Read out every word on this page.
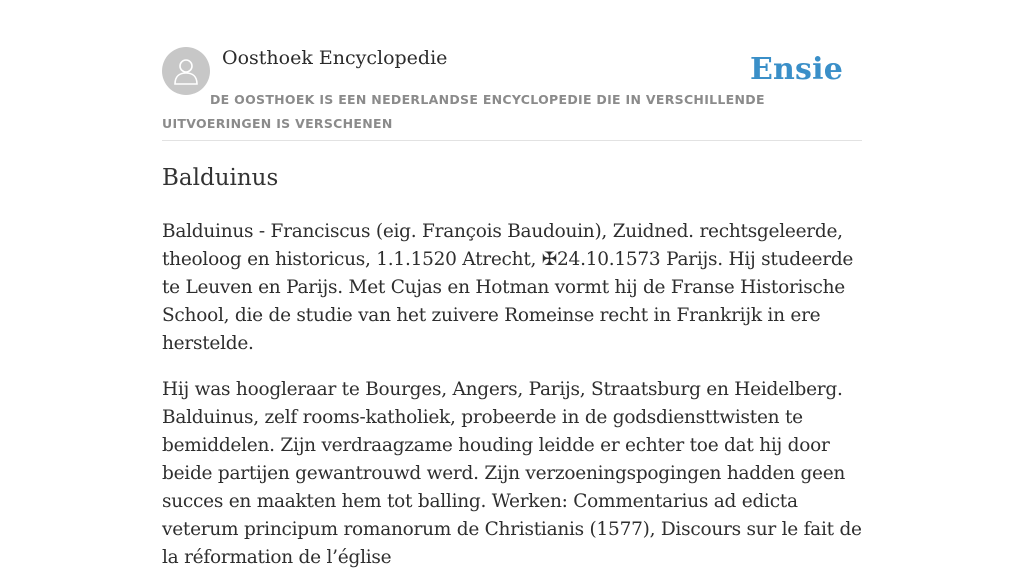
Oosthoek Encyclopedie	Ensie

DE OOSTHOEK IS EEN NEDERLANDSE ENCYCLOPEDIE DIE IN VERSCHILLENDE UITVOERINGEN IS VERSCHENEN

Balduinus

Balduinus - Franciscus (eig. François Baudouin), Zuidned. rechtsgeleerde, theoloog en historicus, 1.1.1520 Atrecht, ✠24.10.1573 Parijs. Hij studeerde te Leuven en Parijs. Met Cujas en Hotman vormt hij de Franse Historische School, die de studie van het zuivere Romeinse recht in Frankrijk in ere herstelde.

Hij was hoogleraar te Bourges, Angers, Parijs, Straatsburg en Heidelberg. Balduinus, zelf rooms-katholiek, probeerde in de godsdiensttwisten te bemiddelen. Zijn verdraagzame houding leidde er echter toe dat hij door beide partijen gewantrouwd werd. Zijn verzoeningspogingen hadden geen succes en maakten hem tot balling. Werken: Commentarius ad edicta veterum principum romanorum de Christianis (1577), Discours sur le fait de la réformation de l’église
